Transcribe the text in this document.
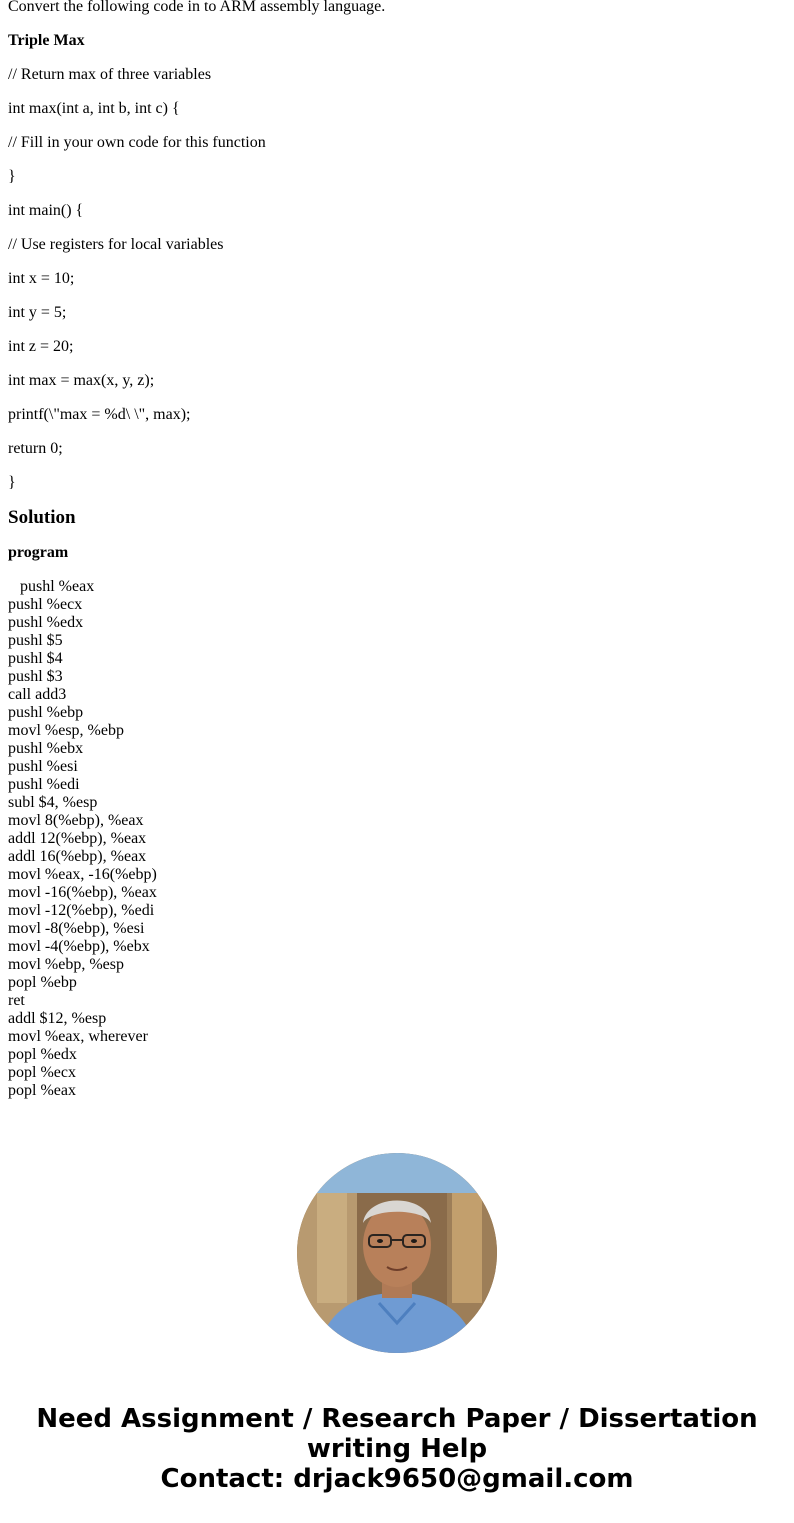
Convert the following code in to ARM assembly language.
Triple Max
// Return max of three variables
int max(int a, int b, int c) {
// Fill in your own code for this function
}
int main() {
// Use registers for local variables
int x = 10;
int y = 5;
int z = 20;
int max = max(x, y, z);
printf(\"max = %d\ \", max);
return 0;
}
Solution
program
pushl %eax
pushl %ecx
pushl %edx
pushl $5
pushl $4
pushl $3
call add3
pushl %ebp
movl %esp, %ebp
pushl %ebx
pushl %esi
pushl %edi
subl $4, %esp
movl 8(%ebp), %eax
addl 12(%ebp), %eax
addl 16(%ebp), %eax
movl %eax, -16(%ebp)
movl -16(%ebp), %eax
movl -12(%ebp), %edi
movl -8(%ebp), %esi
movl -4(%ebp), %ebx
movl %ebp, %esp
popl %ebp
ret
addl $12, %esp
movl %eax, wherever
popl %edx
popl %ecx
popl %eax
Need Assignment / Research Paper / Dissertation
writing Help
Contact: drjack9650@gmail.com
